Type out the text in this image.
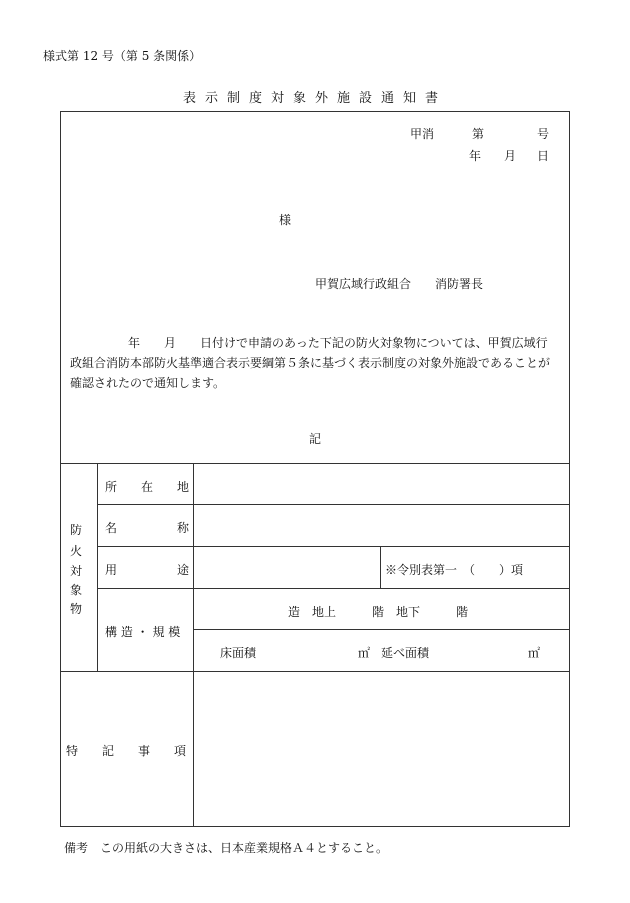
様式第 12 号（第 5 条関係）
表示制度対象外施設通知書
甲消	第	号
年 月 日
様
甲賀広域行政組合　　消防署長
年　　月　　日付けで申請のあった下記の防火対象物については、甲賀広域行政組合消防本部防火基準適合表示要綱第５条に基づく表示制度の対象外施設であることが確認されたので通知します。
記
防
火
対
象
物
所　　在　　地
名　　　　　称
用　　　　　途	※令別表第一　（　　）項
構 造 ・ 規 模
造　地上　　　階　地下　　　階
床面積	㎡ 延べ面積	㎡
特　　記　　事　　項
備考　この用紙の大きさは、日本産業規格Ａ４とすること。
